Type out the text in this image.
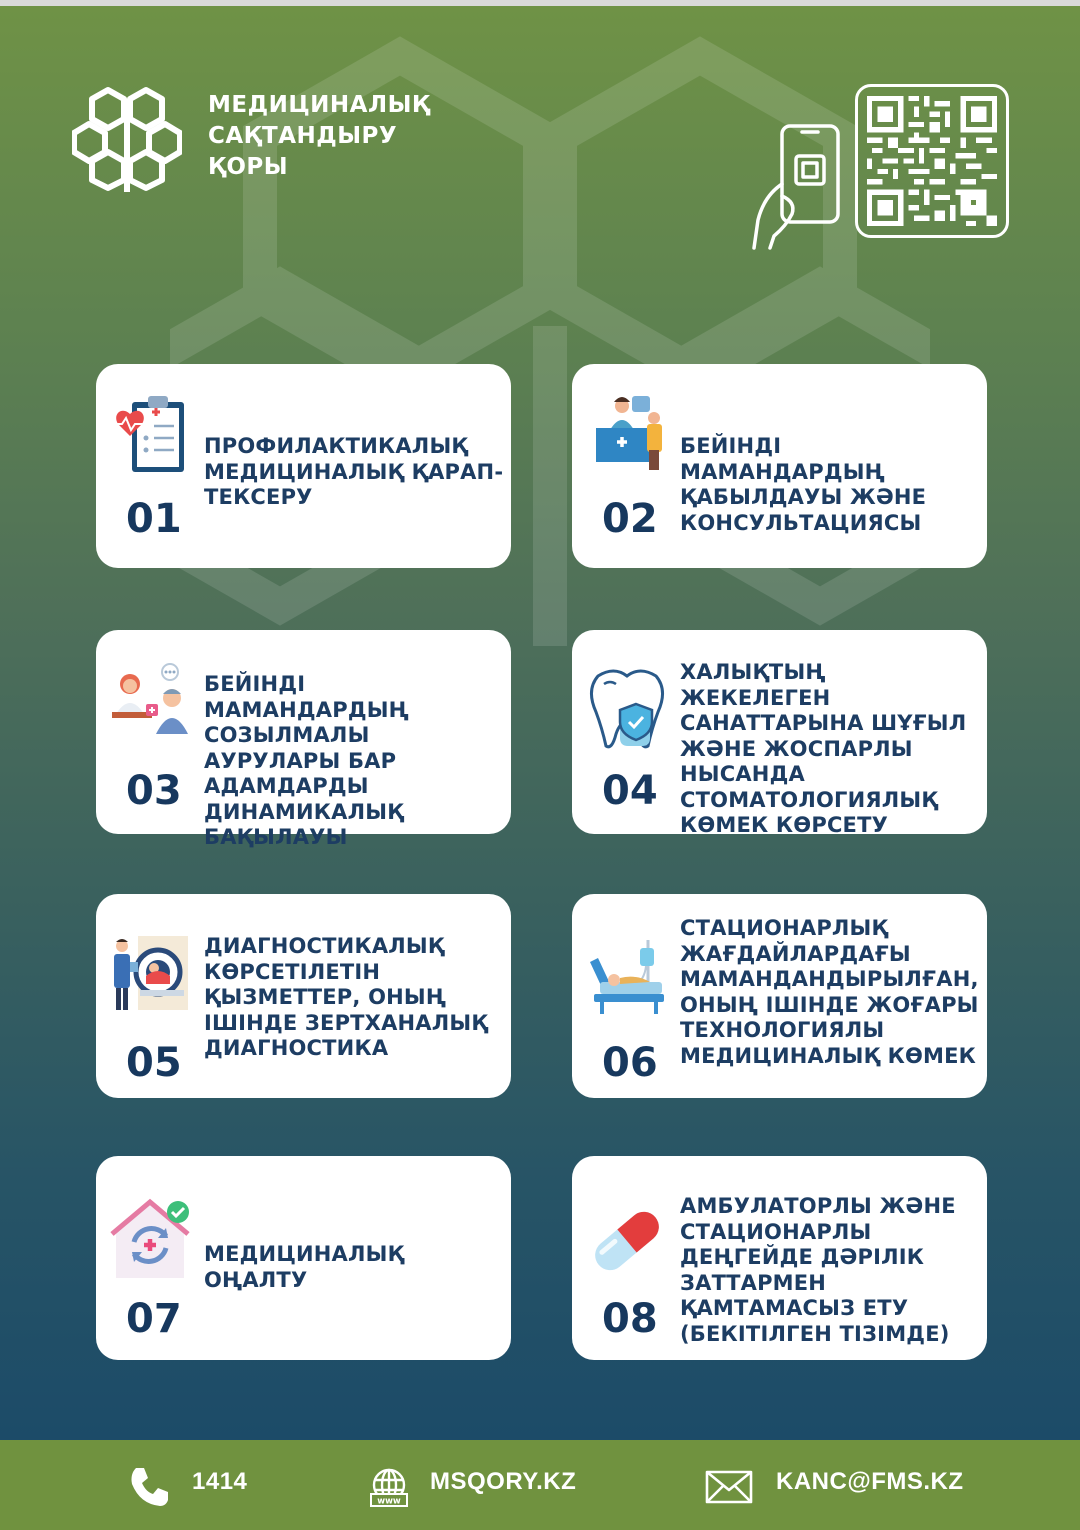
МЕДИЦИНАЛЫҚ
САҚТАНДЫРУ
ҚОРЫ
01
ПРОФИЛАКТИКАЛЫҚ МЕДИЦИНАЛЫҚ ҚАРАП-ТЕКСЕРУ	02
БЕЙІНДІ МАМАНДАРДЫҢ ҚАБЫЛДАУЫ ЖӘНЕ КОНСУЛЬТАЦИЯСЫ
03
БЕЙІНДІ МАМАНДАРДЫҢ СОЗЫЛМАЛЫ АУРУЛАРЫ БАР АДАМДАРДЫ ДИНАМИКАЛЫҚ БАҚЫЛАУЫ
04
ХАЛЫҚТЫҢ ЖЕКЕЛЕГЕН САНАТТАРЫНА ШҰҒЫЛ ЖӘНЕ ЖОСПАРЛЫ НЫСАНДА СТОМАТОЛОГИЯЛЫҚ КӨМЕК КӨРСЕТУ
05
ДИАГНОСТИКАЛЫҚ КӨРСЕТІЛЕТІН ҚЫЗМЕТТЕР, ОНЫҢ ІШІНДЕ ЗЕРТХАНАЛЫҚ ДИАГНОСТИКА	06
СТАЦИОНАРЛЫҚ ЖАҒДАЙЛАРДАҒЫ МАМАНДАНДЫРЫЛҒАН, ОНЫҢ ІШІНДЕ ЖОҒАРЫ ТЕХНОЛОГИЯЛЫ МЕДИЦИНАЛЫҚ КӨМЕК
07
МЕДИЦИНАЛЫҚ ОҢАЛТУ
08
АМБУЛАТОРЛЫ ЖӘНЕ СТАЦИОНАРЛЫ ДЕҢГЕЙДЕ ДӘРІЛІК ЗАТТАРМЕН ҚАМТАМАСЫЗ ЕТУ (БЕКІТІЛГЕН ТІЗІМДЕ)
1414
www
MSQORY.KZ	KANC@FMS.KZ
